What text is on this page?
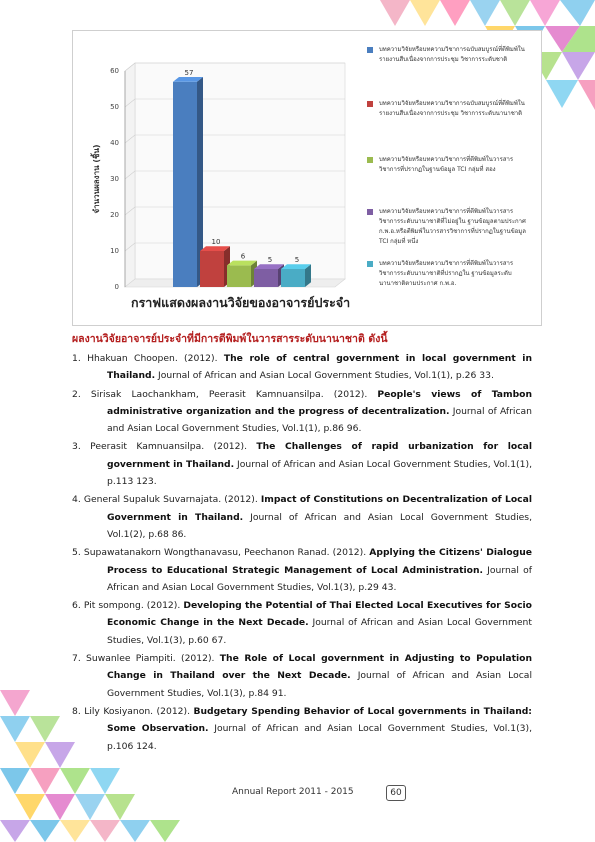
0
10
20
30
40
50
60
จำนวนผลงาน (ชิ้น)
57
10
6	5	5
กราฟแสดงผลงานวิจัยของอาจารย์ประจำ
บทความวิจัยหรือบทความวิชาการฉบับสมบูรณ์ที่ตีพิมพ์ในรายงานสืบเนื่องจากการประชุม วิชาการระดับชาติ
บทความวิจัยหรือบทความวิชาการฉบับสมบูรณ์ที่ตีพิมพ์ในรายงานสืบเนื่องจากการประชุม วิชาการระดับนานาชาติ
บทความวิจัยหรือบทความวิชาการที่ตีพิมพ์ในวารสารวิชาการที่ปรากฏในฐานข้อมูล TCI กลุ่มที่ สอง
บทความวิจัยหรือบทความวิชาการที่ตีพิมพ์ในวารสารวิชาการระดับนานาชาติที่ไม่อยู่ใน ฐานข้อมูลตามประกาศ ก.พ.อ.หรือตีพิมพ์ในวารสารวิชาการที่ปรากฏในฐานข้อมูล TCI กลุ่มที่ หนึ่ง
บทความวิจัยหรือบทความวิชาการที่ตีพิมพ์ในวารสารวิชาการระดับนานาชาติที่ปรากฏใน ฐานข้อมูลระดับนานาชาติตามประกาศ ก.พ.อ.
ผลงานวิจัยอาจารย์ประจำที่มีการตีพิมพ์ในวารสารระดับนานาชาติ ดังนี้
1. Hhakuan Choopen. (2012). The role of central government in local government in Thailand. Journal of African and Asian Local Government Studies, Vol.1(1), p.26 33.
2. Sirisak Laochankham, Peerasit Kamnuansilpa. (2012). People's views of Tambon administrative organization and the progress of decentralization. Journal of African and Asian Local Government Studies, Vol.1(1), p.86 96.
3. Peerasit Kamnuansilpa. (2012). The Challenges of rapid urbanization for local government in Thailand. Journal of African and Asian Local Government Studies, Vol.1(1), p.113 123.
4. General Supaluk Suvarnajata. (2012). Impact of Constitutions on Decentralization of Local Government in Thailand. Journal of African and Asian Local Government Studies, Vol.1(2), p.68 86.
5. Supawatanakorn Wongthanavasu, Peechanon Ranad. (2012). Applying the Citizens' Dialogue Process to Educational Strategic Management of Local Administration. Journal of African and Asian Local Government Studies, Vol.1(3), p.29 43.
6. Pit sompong. (2012). Developing the Potential of Thai Elected Local Executives for Socio Economic Change in the Next Decade. Journal of African and Asian Local Government Studies, Vol.1(3), p.60 67.
7. Suwanlee Piampiti. (2012). The Role of Local government in Adjusting to Population Change in Thailand over the Next Decade. Journal of African and Asian Local Government Studies, Vol.1(3), p.84 91.
8. Lily Kosiyanon. (2012). Budgetary Spending Behavior of Local governments in Thailand: Some Observation. Journal of African and Asian Local Government Studies, Vol.1(3), p.106 124.
Annual Report 2011 - 2015	60
